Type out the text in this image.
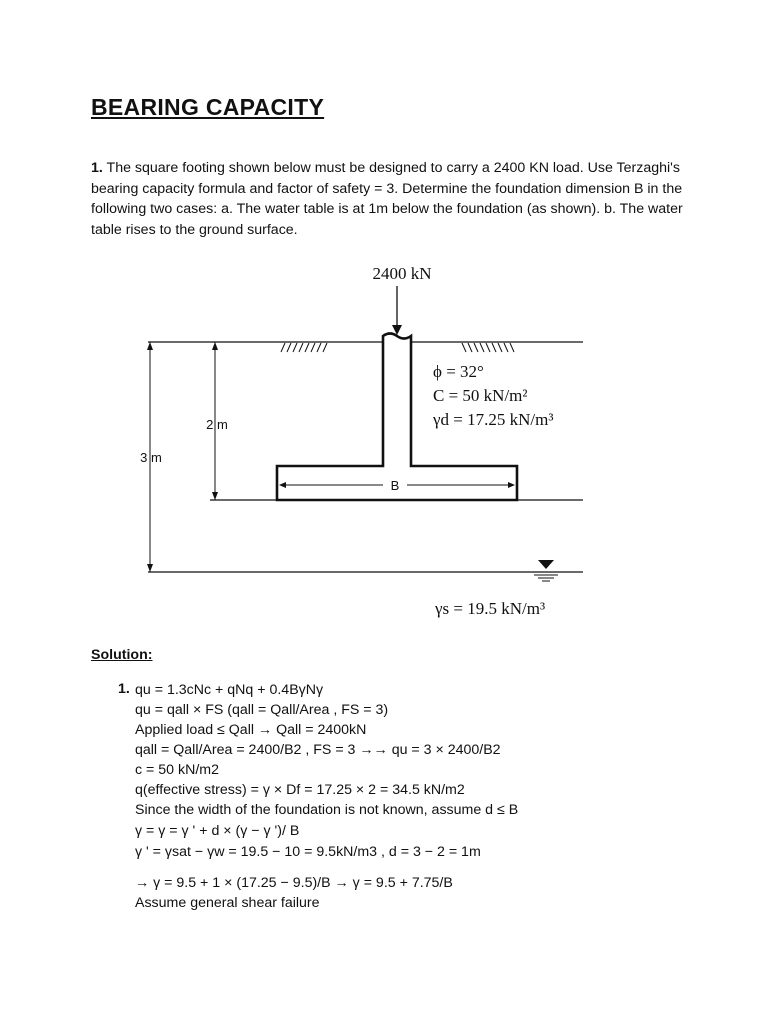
BEARING CAPACITY

1. The square footing shown below must be designed to carry a 2400 KN load. Use Terzaghi's bearing capacity formula and factor of safety = 3. Determine the foundation dimension B in the following two cases: a. The water table is at 1m below the foundation (as shown). b. The water table rises to the ground surface.

2400 kN
B
2 m
3 m
ϕ = 32°
C = 50 kN/m²
γd = 17.25 kN/m³
γs = 19.5 kN/m³

Solution:

1. qu = 1.3cNc + qNq + 0.4BγNγ
qu = qall × FS (qall = Qall/Area , FS = 3)
Applied load ≤ Qall → Qall = 2400kN
qall = Qall/Area = 2400/B2 , FS = 3 →→ qu = 3 × 2400/B2
c = 50 kN/m2
q(effective stress) = γ × Df = 17.25 × 2 = 34.5 kN/m2
Since the width of the foundation is not known, assume d ≤ B
γ = γ = γ ' + d × (γ − γ ')/ B
γ ' = γsat − γw = 19.5 − 10 = 9.5kN/m3 , d = 3 − 2 = 1m
→ γ = 9.5 + 1 × (17.25 − 9.5)/B → γ = 9.5 + 7.75/B
Assume general shear failure
